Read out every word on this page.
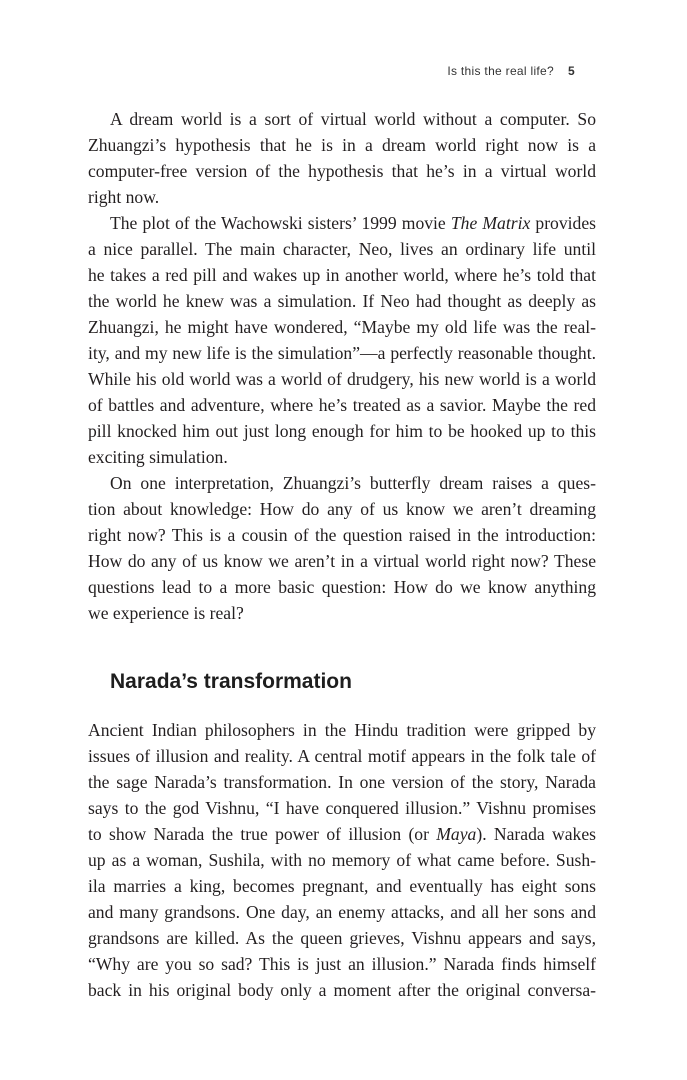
Is this the real life? 5
A dream world is a sort of virtual world without a computer. So
Zhuangzi’s hypothesis that he is in a dream world right now is a
computer-free version of the hypothesis that he’s in a virtual world
right now.
The plot of the Wachowski sisters’ 1999 movie The Matrix provides
a nice parallel. The main character, Neo, lives an ordinary life until
he takes a red pill and wakes up in another world, where he’s told that
the world he knew was a simulation. If Neo had thought as deeply as
Zhuangzi, he might have wondered, “Maybe my old life was the real-
ity, and my new life is the simulation”—a perfectly reasonable thought.
While his old world was a world of drudgery, his new world is a world
of battles and adventure, where he’s treated as a savior. Maybe the red
pill knocked him out just long enough for him to be hooked up to this
exciting simulation.
On one interpretation, Zhuangzi’s butterfly dream raises a ques-
tion about knowledge: How do any of us know we aren’t dreaming
right now? This is a cousin of the question raised in the introduction:
How do any of us know we aren’t in a virtual world right now? These
questions lead to a more basic question: How do we know anything
we experience is real?
Narada’s transformation
Ancient Indian philosophers in the Hindu tradition were gripped by
issues of illusion and reality. A central motif appears in the folk tale of
the sage Narada’s transformation. In one version of the story, Narada
says to the god Vishnu, “I have conquered illusion.” Vishnu promises
to show Narada the true power of illusion (or Maya). Narada wakes
up as a woman, Sushila, with no memory of what came before. Sush-
ila marries a king, becomes pregnant, and eventually has eight sons
and many grandsons. One day, an enemy attacks, and all her sons and
grandsons are killed. As the queen grieves, Vishnu appears and says,
“Why are you so sad? This is just an illusion.” Narada finds himself
back in his original body only a moment after the original conversa-
